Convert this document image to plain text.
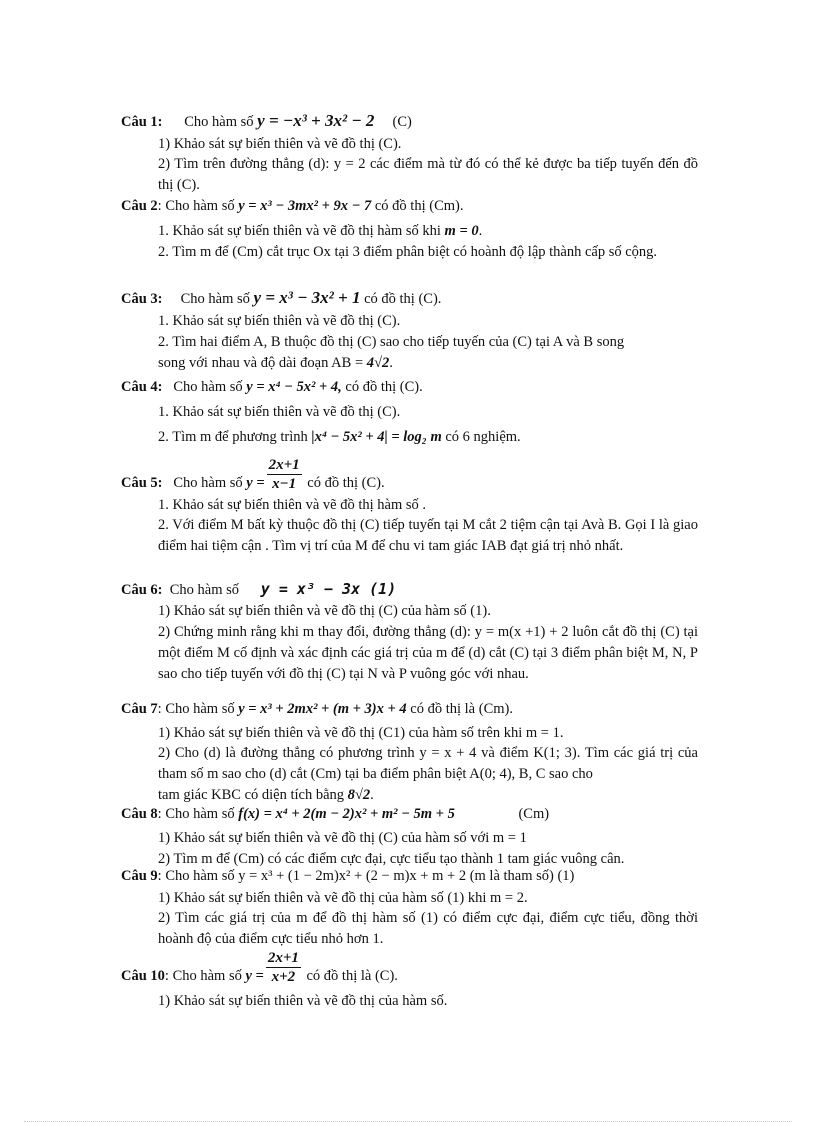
Câu 1: Cho hàm số y = −x³ + 3x² − 2 (C)
1) Khảo sát sự biến thiên và vẽ đồ thị (C).
2) Tìm trên đường thẳng (d): y = 2 các điểm mà từ đó có thể kẻ được ba tiếp tuyến đến đồ thị (C).
Câu 2: Cho hàm số y = x³ − 3mx² + 9x − 7 có đồ thị (Cm).
1. Khảo sát sự biến thiên và vẽ đồ thị hàm số khi m = 0.
2. Tìm m để (Cm) cắt trục Ox tại 3 điểm phân biệt có hoành độ lập thành cấp số cộng.
Câu 3: Cho hàm số y = x³ − 3x² + 1 có đồ thị (C).
1. Khảo sát sự biến thiên và vẽ đồ thị (C).
2. Tìm hai điểm A, B thuộc đồ thị (C) sao cho tiếp tuyến của (C) tại A và B song
song với nhau và độ dài đoạn AB = 4√2.
Câu 4: Cho hàm số y = x⁴ − 5x² + 4, có đồ thị (C).
1. Khảo sát sự biến thiên và vẽ đồ thị (C).
2. Tìm m để phương trình |x⁴ − 5x² + 4| = log₂ m có 6 nghiệm.
Câu 5: Cho hàm số $y = \frac{2x+1}{x-1}$ có đồ thị (C).
1. Khảo sát sự biến thiên và vẽ đồ thị hàm số .
2. Với điểm M bất kỳ thuộc đồ thị (C) tiếp tuyến tại M cắt 2 tiệm cận tại Avà B. Gọi I là giao điểm hai tiệm cận . Tìm vị trí của M để chu vi tam giác IAB đạt giá trị nhỏ nhất.
Câu 6: Cho hàm số y = x³ − 3x (1)
1) Khảo sát sự biến thiên và vẽ đồ thị (C) của hàm số (1).
2) Chứng minh rằng khi m thay đổi, đường thẳng (d): y = m(x +1) + 2 luôn cắt đồ thị (C) tại một điểm M cố định và xác định các giá trị của m để (d) cắt (C) tại 3 điểm phân biệt M, N, P sao cho tiếp tuyến với đồ thị (C) tại N và P vuông góc với nhau.
Câu 7: Cho hàm số y = x³ + 2mx² + (m + 3)x + 4 có đồ thị là (Cm).
1) Khảo sát sự biến thiên và vẽ đồ thị (C1) của hàm số trên khi m = 1.
2) Cho (d) là đường thẳng có phương trình y = x + 4 và điểm K(1; 3). Tìm các giá trị của tham số m sao cho (d) cắt (Cm) tại ba điểm phân biệt A(0; 4), B, C sao cho
tam giác KBC có diện tích bằng 8√2.
Câu 8: Cho hàm số f(x) = x⁴ + 2(m − 2)x² + m² − 5m + 5	(Cm)
1) Khảo sát sự biến thiên và vẽ đồ thị (C) của hàm số với m = 1
2) Tìm m để (Cm) có các điểm cực đại, cực tiểu tạo thành 1 tam giác vuông cân.
Câu 9: Cho hàm số y = x³ + (1 − 2m)x² + (2 − m)x + m + 2 (m là tham số) (1)
1) Khảo sát sự biến thiên và vẽ đồ thị của hàm số (1) khi m = 2.
2) Tìm các giá trị của m để đồ thị hàm số (1) có điểm cực đại, điểm cực tiểu, đồng thời hoành độ của điểm cực tiểu nhỏ hơn 1.
Câu 10: Cho hàm số $y = \frac{2x+1}{x+2}$ có đồ thị là (C).
1) Khảo sát sự biến thiên và vẽ đồ thị của hàm số.
